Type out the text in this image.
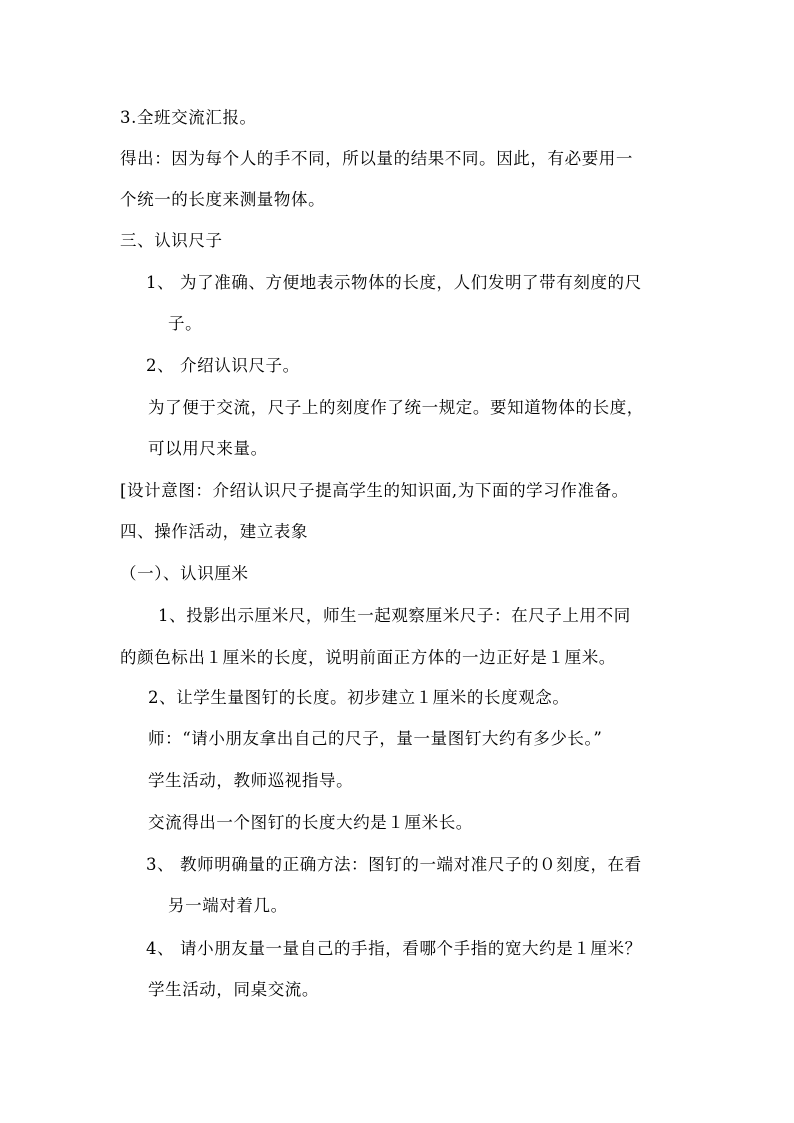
3.全班交流汇报。
得出：因为每个人的手不同，所以量的结果不同。因此，有必要用一
个统一的长度来测量物体。
三、认识尺子
1、 为了准确、方便地表示物体的长度，人们发明了带有刻度的尺
子。
2、 介绍认识尺子。
为了便于交流，尺子上的刻度作了统一规定。要知道物体的长度，
可以用尺来量。
[设计意图：介绍认识尺子提高学生的知识面,为下面的学习作准备。
四、操作活动，建立表象
（一）、认识厘米
1、投影出示厘米尺，师生一起观察厘米尺子：在尺子上用不同
的颜色标出１厘米的长度，说明前面正方体的一边正好是１厘米。
2、让学生量图钉的长度。初步建立１厘米的长度观念。
师：“请小朋友拿出自己的尺子，量一量图钉大约有多少长。”
学生活动，教师巡视指导。
交流得出一个图钉的长度大约是１厘米长。
3、 教师明确量的正确方法：图钉的一端对准尺子的０刻度，在看
另一端对着几。
4、 请小朋友量一量自己的手指，看哪个手指的宽大约是１厘米？
学生活动，同桌交流。
